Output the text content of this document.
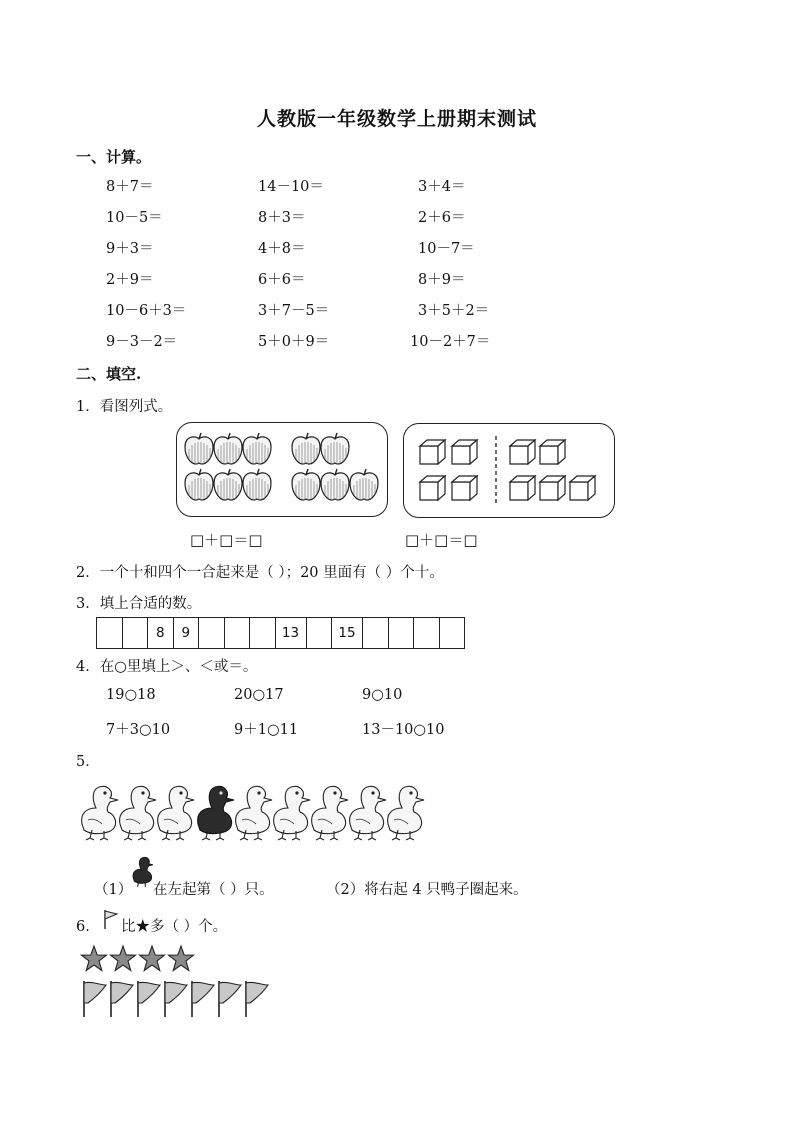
人教版一年级数学上册期末测试
一、计算。
8＋7＝	14－10＝	3＋4＝
10－5＝	8＋3＝	2＋6＝
9＋3＝	4＋8＝	10－7＝
2＋9＝	6＋6＝	8＋9＝
10－6＋3＝	3＋7－5＝	3＋5＋2＝
9－3－2＝	5＋0＋9＝	10－2＋7＝
二、填空.
1．看图列式。
□＋□＝□	□＋□＝□
2．一个十和四个一合起来是（ ）；20 里面有（ ）个十。
3．填上合适的数。
		8	9				13		15				
4．在○里填上＞、＜或＝。
19○18	20○17	9○10
7＋3○10	9＋1○11	13－10○10
5．
（1） 在左起第（ ）只。	（2）将右起 4 只鸭子圈起来。
6． 比★多（ ）个。
